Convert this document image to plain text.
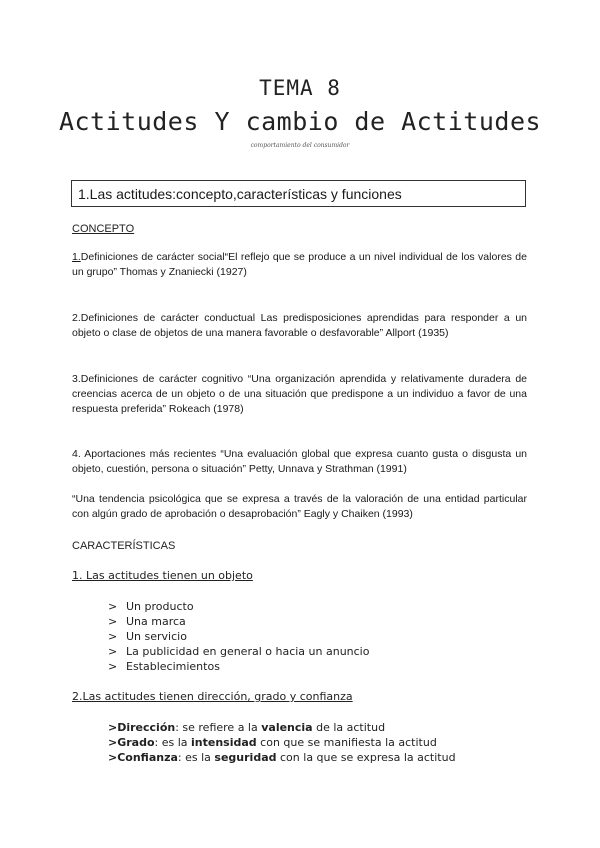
TEMA 8
Actitudes Y cambio de Actitudes
comportamiento del consumidor
1.Las actitudes:concepto,características y funciones
CONCEPTO
1.Definiciones de carácter social“El reflejo que se produce a un nivel individual de los valores de un grupo” Thomas y Znaniecki (1927)
2.Definiciones de carácter conductual Las predisposiciones aprendidas para responder a un objeto o clase de objetos de una manera favorable o desfavorable” Allport (1935)
3.Definiciones de carácter cognitivo “Una organización aprendida y relativamente duradera de creencias acerca de un objeto o de una situación que predispone a un individuo a favor de una respuesta preferida” Rokeach (1978)
4. Aportaciones más recientes “Una evaluación global que expresa cuanto gusta o disgusta un objeto, cuestión, persona o situación” Petty, Unnava y Strathman (1991)
“Una tendencia psicológica que se expresa a través de la valoración de una entidad particular con algún grado de aprobación o desaprobación” Eagly y Chaiken (1993)
CARACTERÍSTICAS
1. Las actitudes tienen un objeto
> Un producto
> Una marca
> Un servicio
> La publicidad en general o hacia un anuncio
> Establecimientos
2.Las actitudes tienen dirección, grado y confianza
>Dirección: se refiere a la valencia de la actitud
>Grado: es la intensidad con que se manifiesta la actitud
>Confianza: es la seguridad con la que se expresa la actitud
